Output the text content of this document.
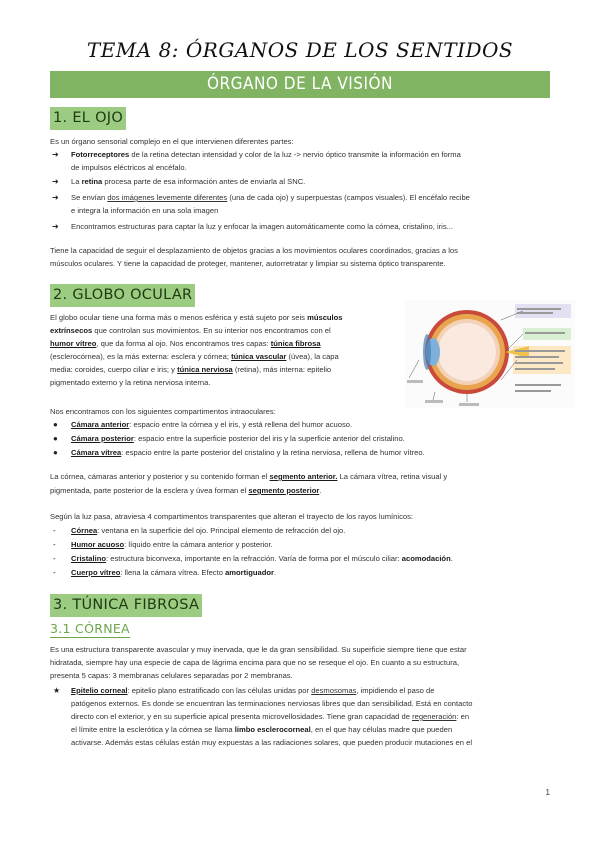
TEMA 8: ÓRGANOS DE LOS SENTIDOS
ÓRGANO DE LA VISIÓN
1. EL OJO
Es un órgano sensorial complejo en el que intervienen diferentes partes:
➜ Fotorreceptores de la retina detectan intensidad y color de la luz -> nervio óptico transmite la información en forma
de impulsos eléctricos al encéfalo.
➜ La retina procesa parte de esa información antes de enviarla al SNC.
➜ Se envían dos imágenes levemente diferentes (una de cada ojo) y superpuestas (campos visuales). El encéfalo recibe
e integra la información en una sola imagen
➜ Encontramos estructuras para captar la luz y enfocar la imagen automáticamente como la córnea, cristalino, iris...
Tiene la capacidad de seguir el desplazamiento de objetos gracias a los movimientos oculares coordinados, gracias a los
músculos oculares. Y tiene la capacidad de proteger, mantener, autorretratar y limpiar su sistema óptico transparente.
2. GLOBO OCULAR
El globo ocular tiene una forma más o menos esférica y está sujeto por seis músculos
extrínsecos que controlan sus movimientos. En su interior nos encontramos con el
humor vítreo, que da forma al ojo. Nos encontramos tres capas: túnica fibrosa
(esclerocórnea), es la más externa: esclera y córnea; túnica vascular (úvea), la capa
media: coroides, cuerpo ciliar e iris; y túnica nerviosa (retina), más interna: epitelio
pigmentado externo y la retina nerviosa interna.
Nos encontramos con los siguientes compartimentos intraoculares:
● Cámara anterior: espacio entre la córnea y el iris, y está rellena del humor acuoso.
● Cámara posterior: espacio entre la superficie posterior del iris y la superficie anterior del cristalino.
● Cámara vítrea: espacio entre la parte posterior del cristalino y la retina nerviosa, rellena de humor vítreo.
La córnea, cámaras anterior y posterior y su contenido forman el segmento anterior. La cámara vítrea, retina visual y
pigmentada, parte posterior de la esclera y úvea forman el segmento posterior.
Según la luz pasa, atraviesa 4 compartimentos transparentes que alteran el trayecto de los rayos lumínicos:
- Córnea: ventana en la superficie del ojo. Principal elemento de refracción del ojo.
- Humor acuoso: líquido entre la cámara anterior y posterior.
- Cristalino: estructura biconvexa, importante en la refracción. Varía de forma por el músculo ciliar: acomodación.
- Cuerpo vítreo: llena la cámara vítrea. Efecto amortiguador.
3. TÚNICA FIBROSA
3.1 CÓRNEA
Es una estructura transparente avascular y muy inervada, que le da gran sensibilidad. Su superficie siempre tiene que estar
hidratada, siempre hay una especie de capa de lágrima encima para que no se reseque el ojo. En cuanto a su estructura,
presenta 5 capas: 3 membranas celulares separadas por 2 membranas.
★ Epitelio corneal: epitelio plano estratificado con las células unidas por desmosomas, impidiendo el paso de
patógenos externos. Es donde se encuentran las terminaciones nerviosas libres que dan sensibilidad. Está en contacto
directo con el exterior, y en su superficie apical presenta microvellosidades. Tiene gran capacidad de regeneración: en
el límite entre la esclerótica y la córnea se llama limbo esclerocorneal, en el que hay células madre que pueden
activarse. Además estas células están muy expuestas a las radiaciones solares, que pueden producir mutaciones en el
1
